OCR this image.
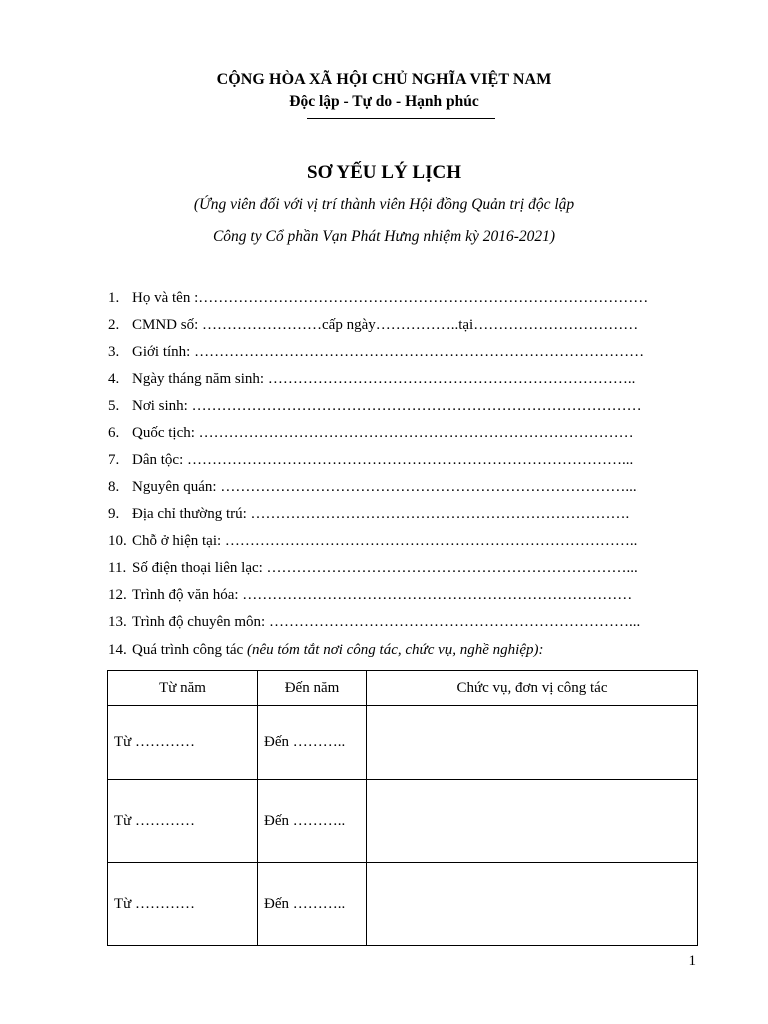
CỘNG HÒA XÃ HỘI CHỦ NGHĨA VIỆT NAM
Độc lập - Tự do - Hạnh phúc
SƠ YẾU LÝ LỊCH
(Ứng viên đối với vị trí thành viên Hội đồng Quản trị độc lập
Công ty Cổ phần Vạn Phát Hưng nhiệm kỳ 2016-2021)
1. Họ và tên :………………………………………………………………………………
2. CMND số: ……………………cấp ngày……………..tại……………………………
3. Giới tính: ………………………………………………………………………………
4. Ngày tháng năm sinh: ………………………………………………………………..
5. Nơi sinh: ………………………………………………………………………………
6. Quốc tịch: ……………………………………………………………………………
7. Dân tộc: ……………………………………………………………………………...
8. Nguyên quán: ………………………………………………………………………...
9. Địa chỉ thường trú: ………………………………………………………………….
10. Chỗ ở hiện tại: ………………………………………………………………………..
11. Số điện thoại liên lạc: ………………………………………………………………...
12. Trình độ văn hóa: ……………………………………………………………………
13. Trình độ chuyên môn: ………………………………………………………………...
14. Quá trình công tác (nêu tóm tắt nơi công tác, chức vụ, nghề nghiệp):
Từ năm	Đến năm	Chức vụ, đơn vị công tác
Từ …………	Đến ………..	
Từ …………	Đến ………..	
Từ …………	Đến ………..	
1
